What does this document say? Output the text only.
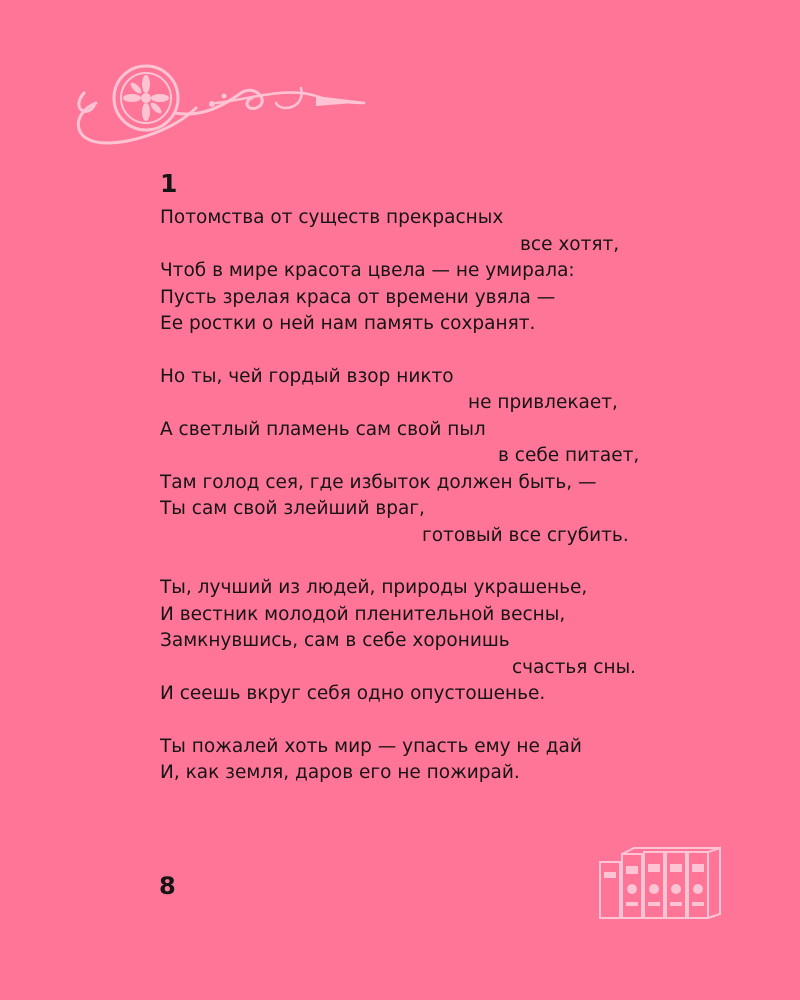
1
Потомства от существ прекрасных
все хотят,
Чтоб в мире красота цвела — не умирала:
Пусть зрелая краса от времени увяла —
Ее ростки о ней нам память сохранят.
Но ты, чей гордый взор никто
не привлекает,
А светлый пламень сам свой пыл
в себе питает,
Там голод сея, где избыток должен быть, —
Ты сам свой злейший враг,
готовый все сгубить.
Ты, лучший из людей, природы украшенье,
И вестник молодой пленительной весны,
Замкнувшись, сам в себе хоронишь
счастья сны.
И сеешь вкруг себя одно опустошенье.
Ты пожалей хоть мир — упасть ему не дай
И, как земля, даров его не пожирай.
8
